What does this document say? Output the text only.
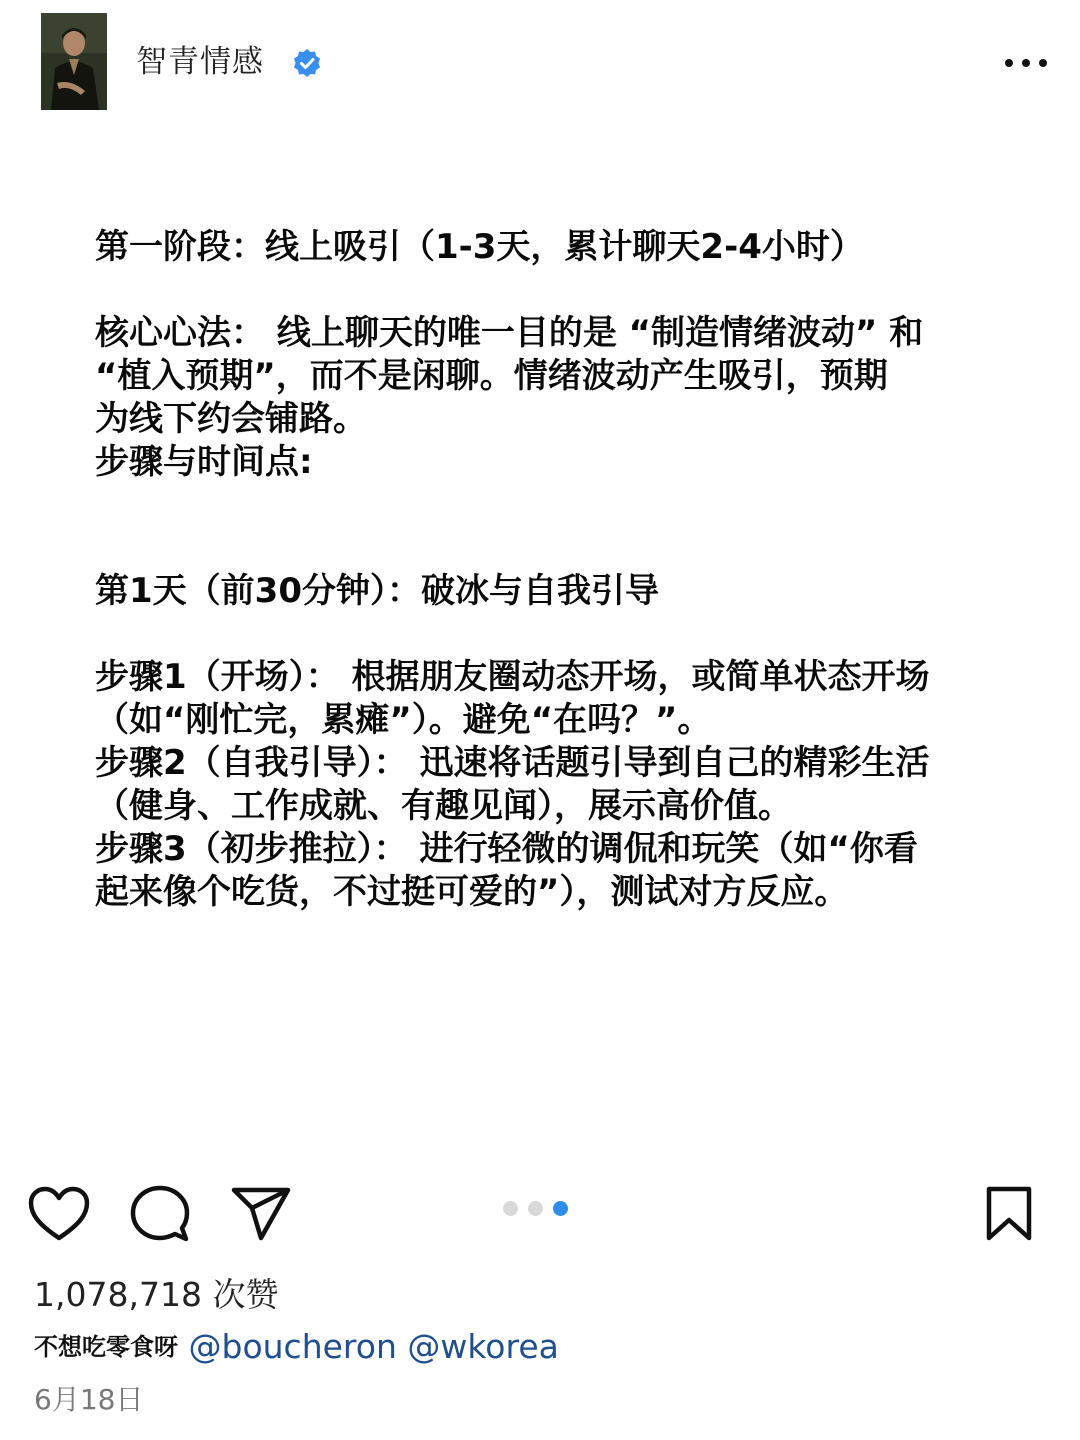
智青情感

第一阶段：线上吸引（1-3天，累计聊天2-4小时）

核心心法： 线上聊天的唯一目的是 “制造情绪波动” 和

“植入预期”，而不是闲聊。情绪波动产生吸引，预期

为线下约会铺路。

步骤与时间点:

第1天（前30分钟）：破冰与自我引导

步骤1（开场）： 根据朋友圈动态开场，或简单状态开场

（如“刚忙完，累瘫”）。避免“在吗？”。

步骤2（自我引导）： 迅速将话题引导到自己的精彩生活

（健身、工作成就、有趣见闻），展示高价值。

步骤3（初步推拉）： 进行轻微的调侃和玩笑（如“你看

起来像个吃货，不过挺可爱的”），测试对方反应。

1,078,718 次赞
不想吃零食呀 @boucheron @wkorea
6月18日
